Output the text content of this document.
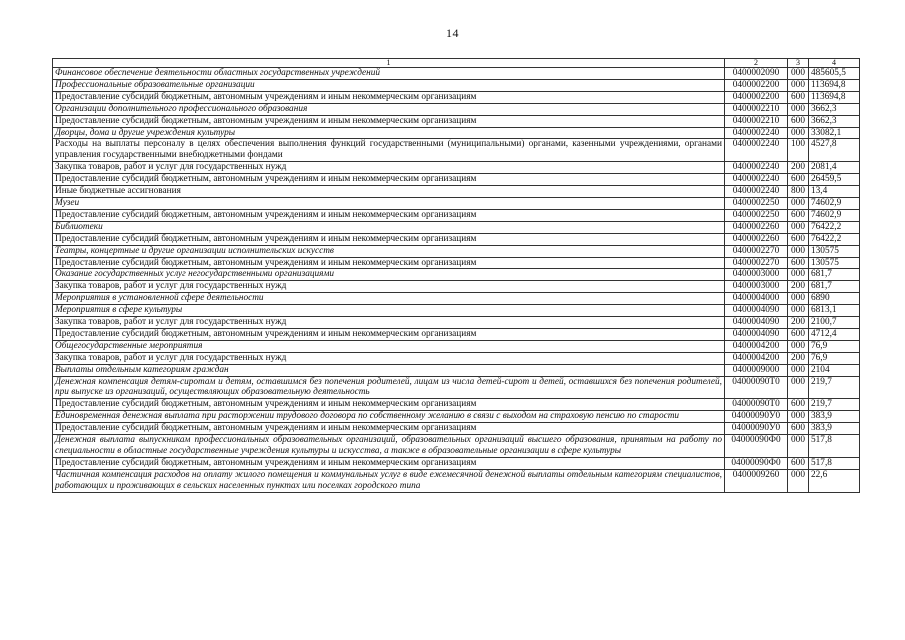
14
1	2	3	4
Финансовое обеспечение деятельности областных государственных учреждений	0400002090	000	485605,5
Профессиональные образовательные организации	0400002200	000	113694,8
Предоставление субсидий бюджетным, автономным учреждениям и иным некоммерческим организациям	0400002200	600	113694,8
Организации дополнительного профессионального образования	0400002210	000	3662,3
Предоставление субсидий бюджетным, автономным учреждениям и иным некоммерческим организациям	0400002210	600	3662,3
Дворцы, дома и другие учреждения культуры	0400002240	000	33082,1
Расходы на выплаты персоналу в целях обеспечения выполнения функций государственными (муниципальными) органами, казенными учреждениями, органами управления государственными внебюджетными фондами	0400002240	100	4527,8
Закупка товаров, работ и услуг для государственных нужд	0400002240	200	2081,4
Предоставление субсидий бюджетным, автономным учреждениям и иным некоммерческим организациям	0400002240	600	26459,5
Иные бюджетные ассигнования	0400002240	800	13,4
Музеи	0400002250	000	74602,9
Предоставление субсидий бюджетным, автономным учреждениям и иным некоммерческим организациям	0400002250	600	74602,9
Библиотеки	0400002260	000	76422,2
Предоставление субсидий бюджетным, автономным учреждениям и иным некоммерческим организациям	0400002260	600	76422,2
Театры, концертные и другие организации исполнительских искусств	0400002270	000	130575
Предоставление субсидий бюджетным, автономным учреждениям и иным некоммерческим организациям	0400002270	600	130575
Оказание государственных услуг негосударственными организациями	0400003000	000	681,7
Закупка товаров, работ и услуг для государственных нужд	0400003000	200	681,7
Мероприятия в установленной сфере деятельности	0400004000	000	6890
Мероприятия в сфере культуры	0400004090	000	6813,1
Закупка товаров, работ и услуг для государственных нужд	0400004090	200	2100,7
Предоставление субсидий бюджетным, автономным учреждениям и иным некоммерческим организациям	0400004090	600	4712,4
Общегосударственные мероприятия	0400004200	000	76,9
Закупка товаров, работ и услуг для государственных нужд	0400004200	200	76,9
Выплаты отдельным категориям граждан	0400009000	000	2104
Денежная компенсация детям-сиротам и детям, оставшимся без попечения родителей, лицам из числа детей-сирот и детей, оставшихся без попечения родителей, при выпуске из организаций, осуществляющих образовательную деятельность	04000090Т0	000	219,7
Предоставление субсидий бюджетным, автономным учреждениям и иным некоммерческим организациям	04000090Т0	600	219,7
Единовременная денежная выплата при расторжении трудового договора по собственному желанию в связи с выходом на страховую пенсию по старости	04000090У0	000	383,9
Предоставление субсидий бюджетным, автономным учреждениям и иным некоммерческим организациям	04000090У0	600	383,9
Денежная выплата выпускникам профессиональных образовательных организаций, образовательных организаций высшего образования, принятым на работу по специальности в областные государственные учреждения культуры и искусства, а также в образовательные организации в сфере культуры	04000090Ф0	000	517,8
Предоставление субсидий бюджетным, автономным учреждениям и иным некоммерческим организациям	04000090Ф0	600	517,8
Частичная компенсация расходов на оплату жилого помещения и коммунальных услуг в виде ежемесячной денежной выплаты отдельным категориям специалистов, работающих и проживающих в сельских населенных пунктах или поселках городского типа	0400009260	000	22,6
